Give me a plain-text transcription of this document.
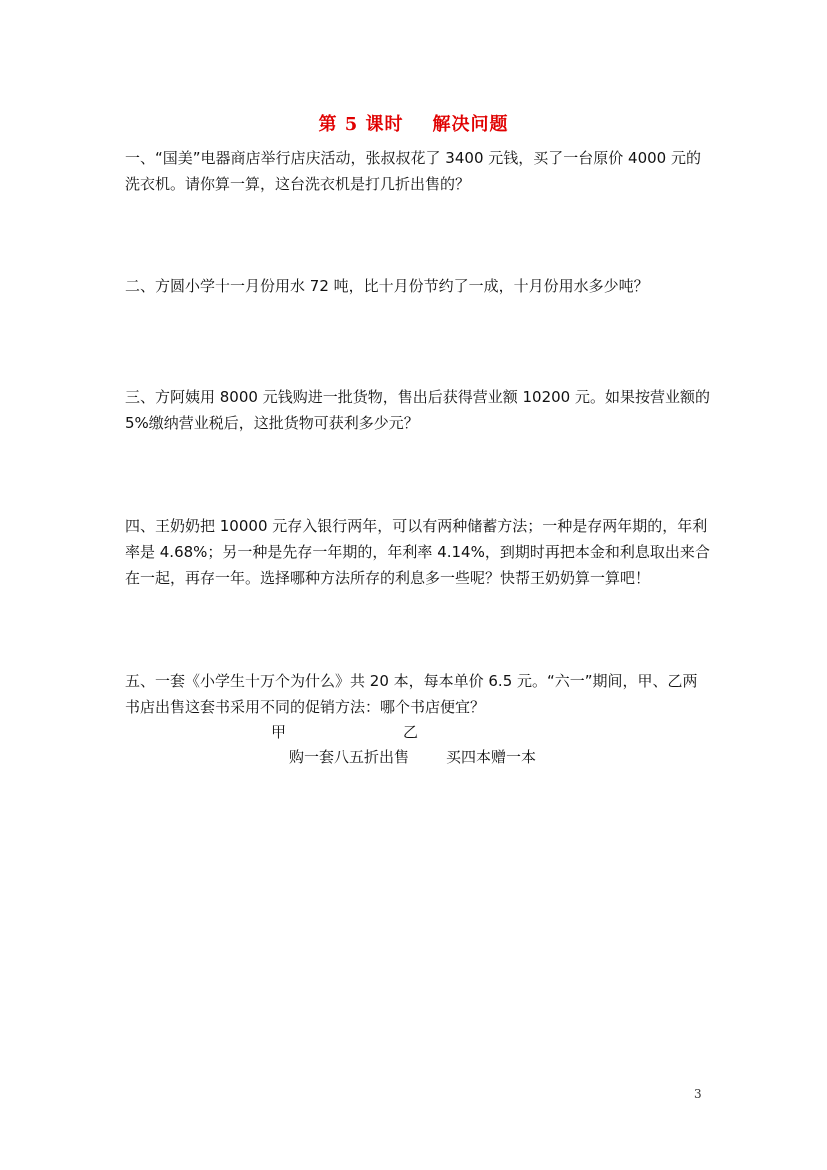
第 5 课时    解决问题

一、“国美”电器商店举行店庆活动，张叔叔花了 3400 元钱，买了一台原价 4000 元的洗衣机。请你算一算，这台洗衣机是打几折出售的？

二、方圆小学十一月份用水 72 吨，比十月份节约了一成，十月份用水多少吨？

三、方阿姨用 8000 元钱购进一批货物，售出后获得营业额 10200 元。如果按营业额的 5%缴纳营业税后，这批货物可获利多少元？

四、王奶奶把 10000 元存入银行两年，可以有两种储蓄方法；一种是存两年期的，年利率是 4.68%；另一种是先存一年期的，年利率 4.14%，到期时再把本金和利息取出来合在一起，再存一年。选择哪种方法所存的利息多一些呢？快帮王奶奶算一算吧！

五、一套《小学生十万个为什么》共 20 本，每本单价 6.5 元。“六一”期间，甲、乙两书店出售这套书采用不同的促销方法：哪个书店便宜？

甲	乙
购一套八五折出售 买四本赠一本
3
